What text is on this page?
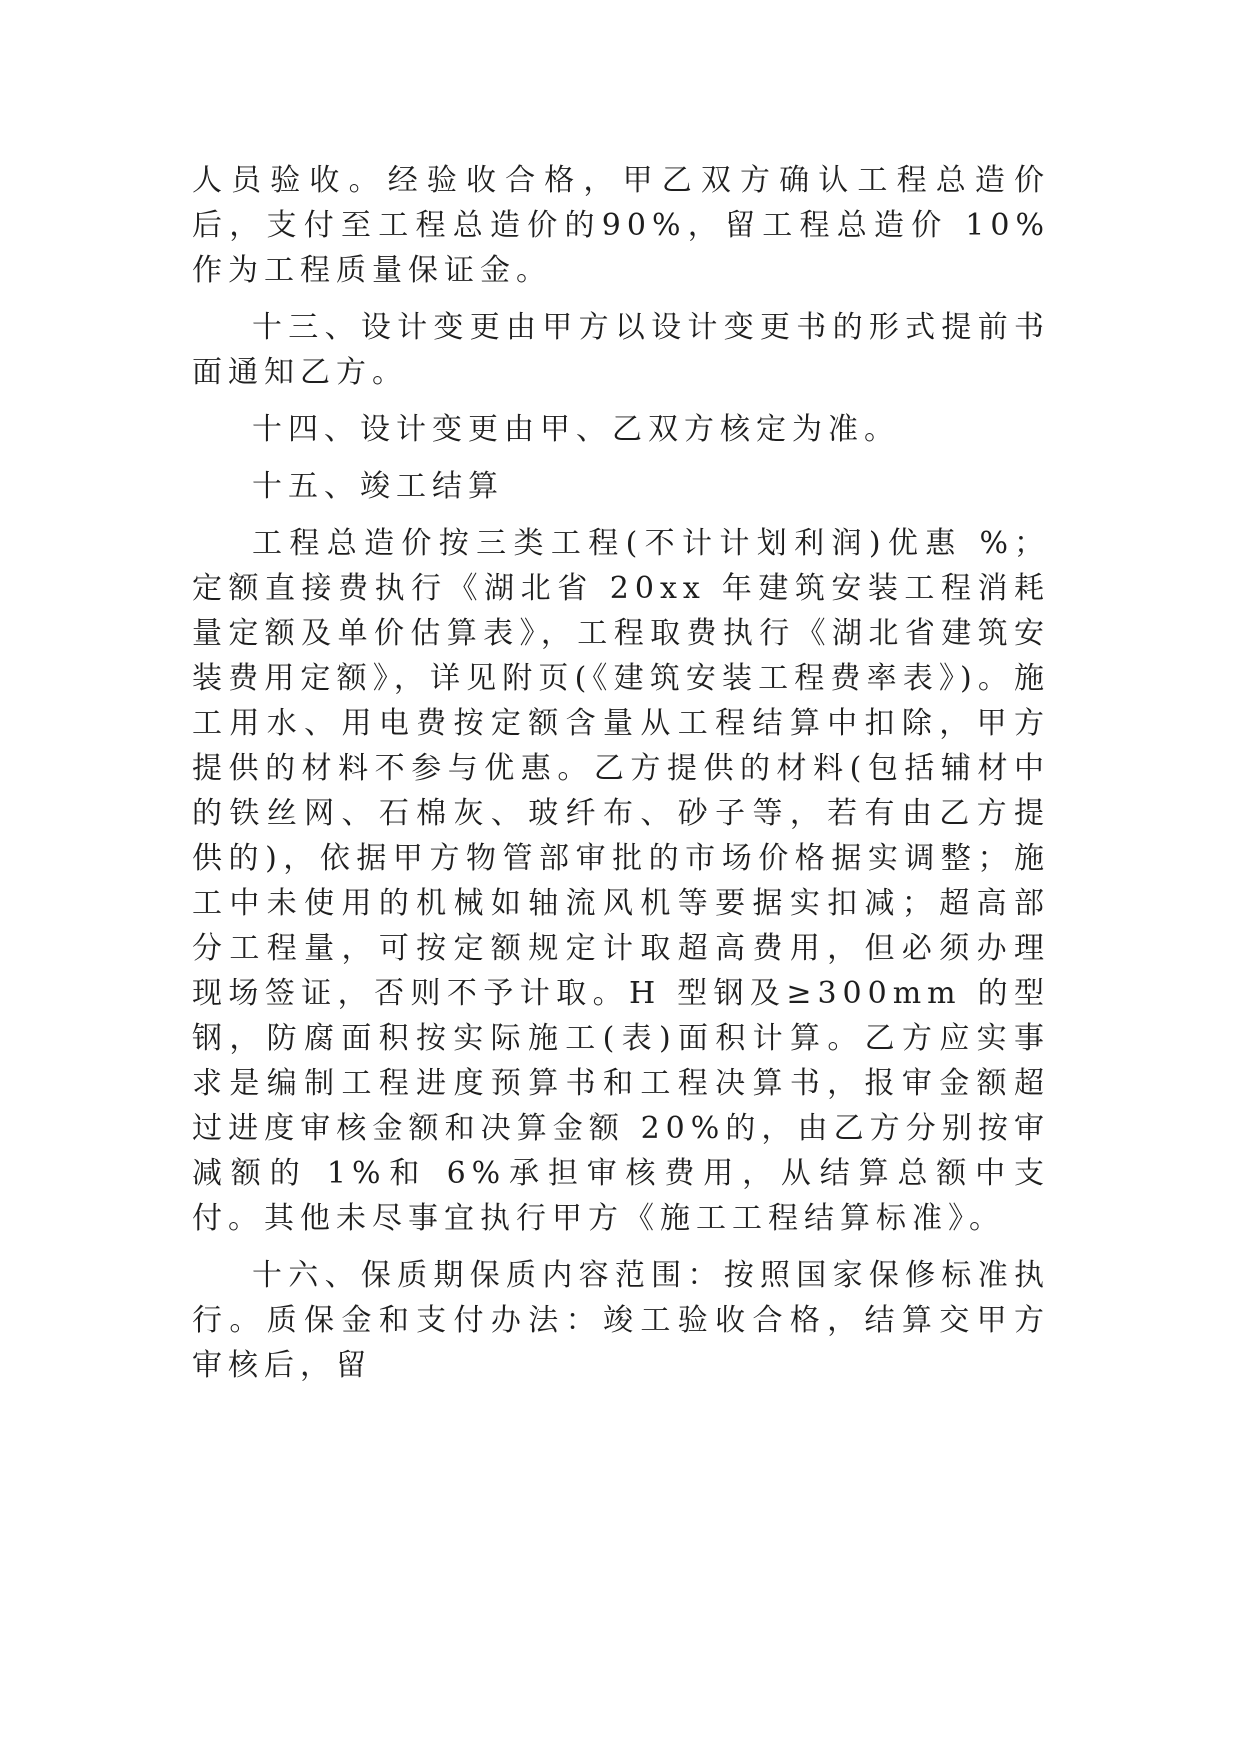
人员验收。经验收合格，甲乙双方确认工程总造价后，支付至工程总造价的90%，留工程总造价 10%作为工程质量保证金。

十三、设计变更由甲方以设计变更书的形式提前书面通知乙方。

十四、设计变更由甲、乙双方核定为准。

十五、竣工结算

工程总造价按三类工程(不计计划利润)优惠 %；定额直接费执行《湖北省 20xx 年建筑安装工程消耗量定额及单价估算表》，工程取费执行《湖北省建筑安装费用定额》，详见附页(《建筑安装工程费率表》)。施工用水、用电费按定额含量从工程结算中扣除，甲方提供的材料不参与优惠。乙方提供的材料(包括辅材中的铁丝网、石棉灰、玻纤布、砂子等，若有由乙方提供的)，依据甲方物管部审批的市场价格据实调整；施工中未使用的机械如轴流风机等要据实扣减；超高部分工程量，可按定额规定计取超高费用，但必须办理现场签证，否则不予计取。H 型钢及≥300mm 的型钢，防腐面积按实际施工(表)面积计算。乙方应实事求是编制工程进度预算书和工程决算书，报审金额超过进度审核金额和决算金额 20%的，由乙方分别按审减额的 1%和 6%承担审核费用，从结算总额中支付。其他未尽事宜执行甲方《施工工程结算标准》。

十六、保质期保质内容范围：按照国家保修标准执行。质保金和支付办法：竣工验收合格，结算交甲方审核后，留
